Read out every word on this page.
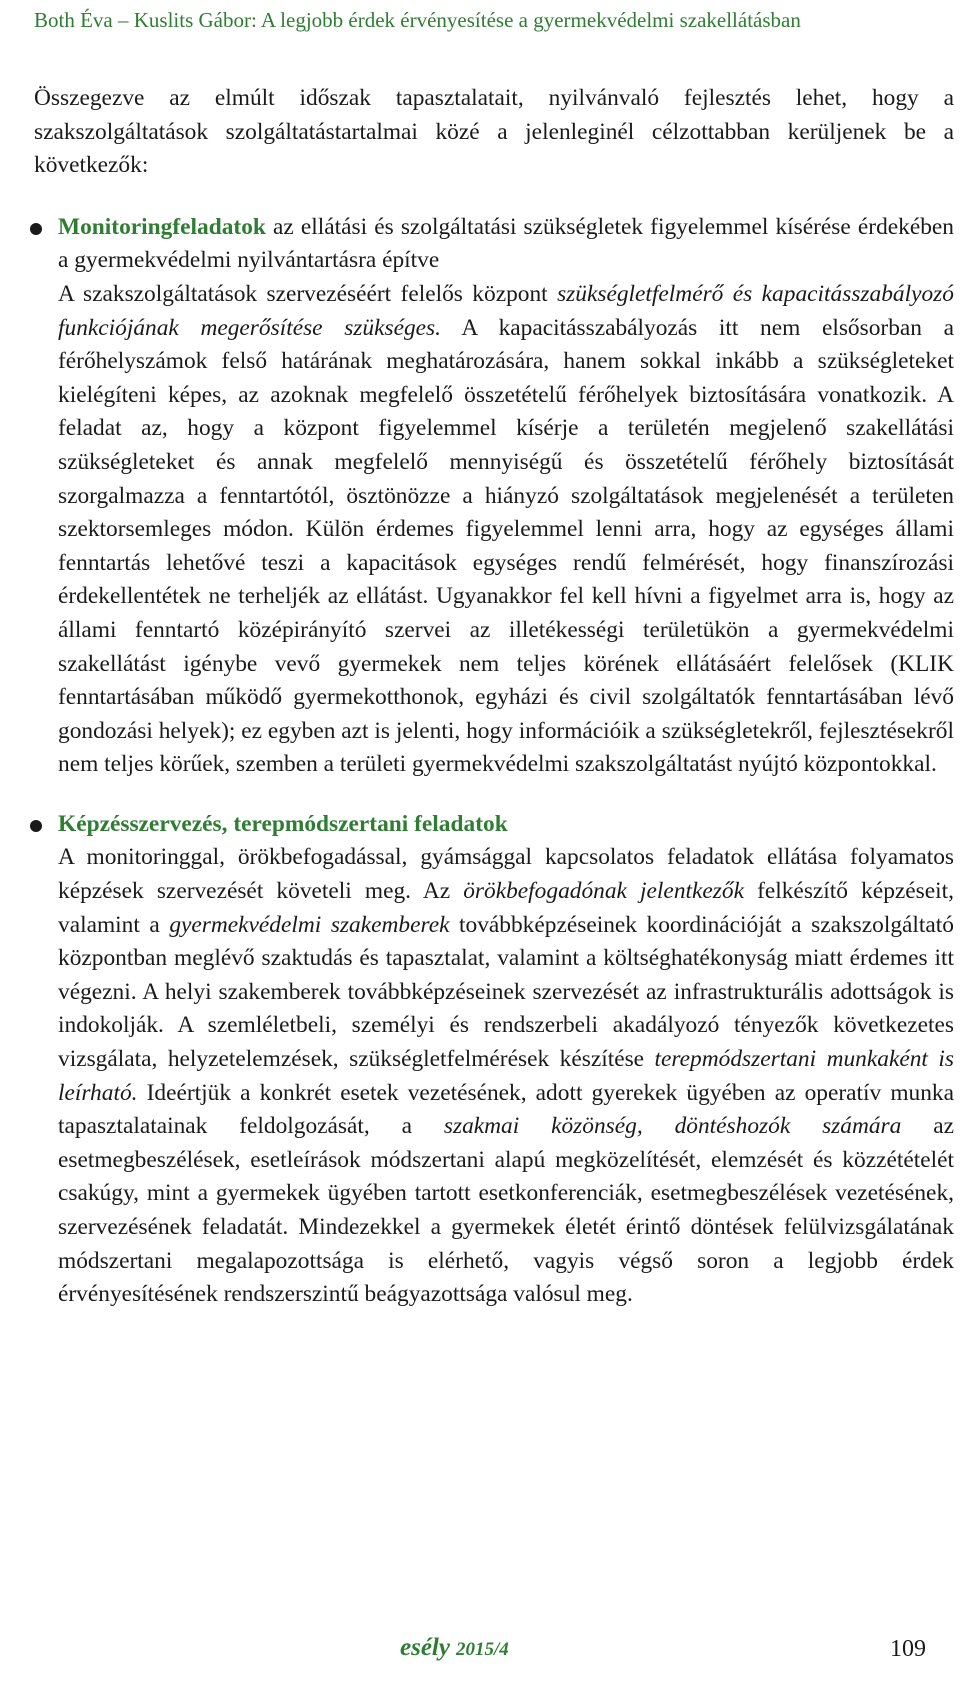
Both Éva – Kuslits Gábor: A legjobb érdek érvényesítése a gyermekvédelmi szakellátásban

Összegezve az elmúlt időszak tapasztalatait, nyilvánvaló fejlesztés lehet, hogy a szakszolgáltatások szolgáltatástartalmai közé a jelenleginél célzottabban kerüljenek be a következők:

Monitoringfeladatok az ellátási és szolgáltatási szükségletek figyelemmel kísérése érdekében a gyermekvédelmi nyilvántartásra építve

A szakszolgáltatások szervezéséért felelős központ szükségletfelmérő és kapacitásszabályozó funkciójának megerősítése szükséges. A kapacitásszabályozás itt nem elsősorban a férőhelyszámok felső határának meghatározására, hanem sokkal inkább a szükségleteket kielégíteni képes, az azoknak megfelelő összetételű férőhelyek biztosítására vonatkozik. A feladat az, hogy a központ figyelemmel kísérje a területén megjelenő szakellátási szükségleteket és annak megfelelő mennyiségű és összetételű férőhely biztosítását szorgalmazza a fenntartótól, ösztönözze a hiányzó szolgáltatások megjelenését a területen szektorsemleges módon. Külön érdemes figyelemmel lenni arra, hogy az egységes állami fenntartás lehetővé teszi a kapacitások egységes rendű felmérését, hogy finanszírozási érdekellentétek ne terheljék az ellátást. Ugyanakkor fel kell hívni a figyelmet arra is, hogy az állami fenntartó középirányító szervei az illetékességi területükön a gyermekvédelmi szakellátást igénybe vevő gyermekek nem teljes körének ellátásáért felelősek (KLIK fenntartásában működő gyermekotthonok, egyházi és civil szolgáltatók fenntartásában lévő gondozási helyek); ez egyben azt is jelenti, hogy információik a szükségletekről, fejlesztésekről nem teljes körűek, szemben a területi gyermekvédelmi szakszolgáltatást nyújtó központokkal.

Képzésszervezés, terepmódszertani feladatok

A monitoringgal, örökbefogadással, gyámsággal kapcsolatos feladatok ellátása folyamatos képzések szervezését követeli meg. Az örökbefogadónak jelentkezők felkészítő képzéseit, valamint a gyermekvédelmi szakemberek továbbképzéseinek koordinációját a szakszolgáltató központban meglévő szaktudás és tapasztalat, valamint a költséghatékonyság miatt érdemes itt végezni. A helyi szakemberek továbbképzéseinek szervezését az infrastrukturális adottságok is indokolják. A szemléletbeli, személyi és rendszerbeli akadályozó tényezők következetes vizsgálata, helyzetelemzések, szükségletfelmérések készítése terepmódszertani munkaként is leírható. Ideértjük a konkrét esetek vezetésének, adott gyerekek ügyében az operatív munka tapasztalatainak feldolgozását, a szakmai közönség, döntéshozók számára az esetmegbeszélések, esetleírások módszertani alapú megközelítését, elemzését és közzétételét csakúgy, mint a gyermekek ügyében tartott esetkonferenciák, esetmegbeszélések vezetésének, szervezésének feladatát. Mindezekkel a gyermekek életét érintő döntések felülvizsgálatának módszertani megalapozottsága is elérhető, vagyis végső soron a legjobb érdek érvényesítésének rendszerszintű beágyazottsága valósul meg.

esély 2015/4	109
